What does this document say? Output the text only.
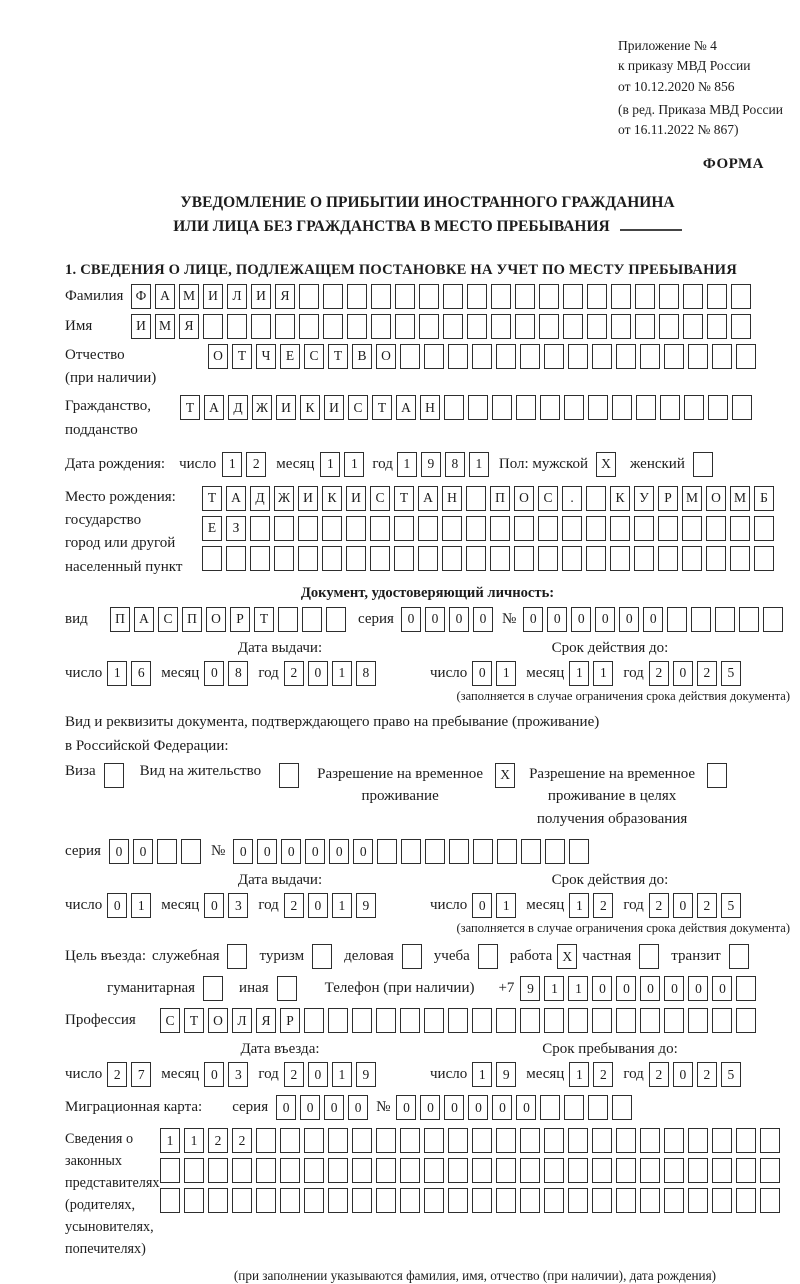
Приложение № 4
к приказу МВД России
от 10.12.2020 № 856
(в ред. Приказа МВД России
от 16.11.2022 № 867)
ФОРМА
УВЕДОМЛЕНИЕ О ПРИБЫТИИ ИНОСТРАННОГО ГРАЖДАНИНА
ИЛИ ЛИЦА БЕЗ ГРАЖДАНСТВА В МЕСТО ПРЕБЫВАНИЯ
1. СВЕДЕНИЯ О ЛИЦЕ, ПОДЛЕЖАЩЕМ ПОСТАНОВКЕ НА УЧЕТ ПО МЕСТУ ПРЕБЫВАНИЯ
Фамилия Ф	А М И	Л	И	Я
Имя	И М Я
Отчество
(при наличии)
О	Т	Ч	Е	С	Т	В	О
Гражданство,
подданство
Т	А	Д Ж И	К	И	С	Т	А	Н
Дата рождения: число 1	2	месяц 1	1 год 1	9	8	1	Пол: мужской X	женский
Место рождения:
государство
город или другой
населенный пункт
Т	А	Д Ж И	К	И	С	Т	А	Н	П	О	С	.	К	У	Р	М О М	Б
Е	З
Документ, удостоверяющий личность:
вид	П	А	С	П	О	Р	Т	серия	0	0	0	0	№	0	0	0	0	0	0
Дата выдачи:
число 1	6	месяц 0	8	год 2	0	1	8
Срок действия до:
число 0	1	месяц 1	1	год 2	0	2	5
(заполняется в случае ограничения срока действия документа)
Вид и реквизиты документа, подтверждающего право на пребывание (проживание)
в Российской Федерации:
Виза	Вид на жительство	Разрешение на временное
проживание
X	Разрешение на временное
проживание в целях
получения образования
серия	0	0	№	0	0	0	0	0	0
Дата выдачи:
число 0	1	месяц 0	3	год 2	0	1	9
Срок действия до:
число 0	1	месяц 1	2	год 2	0	2	5
(заполняется в случае ограничения срока действия документа)
Цель въезда: служебная	туризм	деловая	учеба	работа X частная	транзит
гуманитарная	иная	Телефон (при наличии) +7 9	1	1	0	0	0	0	0	0
Профессия	С	Т	О	Л	Я	Р
Дата въезда:
число 2	7	месяц 0	3	год 2	0	1	9
Срок пребывания до:
число 1	9	месяц 1	2	год 2	0	2	5
Миграционная карта: серия	0	0	0	0 № 0	0	0	0	0	0
Сведения о
законных
представителях
(родителях,
усыновителях,
попечителях)
1	1	2	2
(при заполнении указываются фамилия, имя, отчество (при наличии), дата рождения)
